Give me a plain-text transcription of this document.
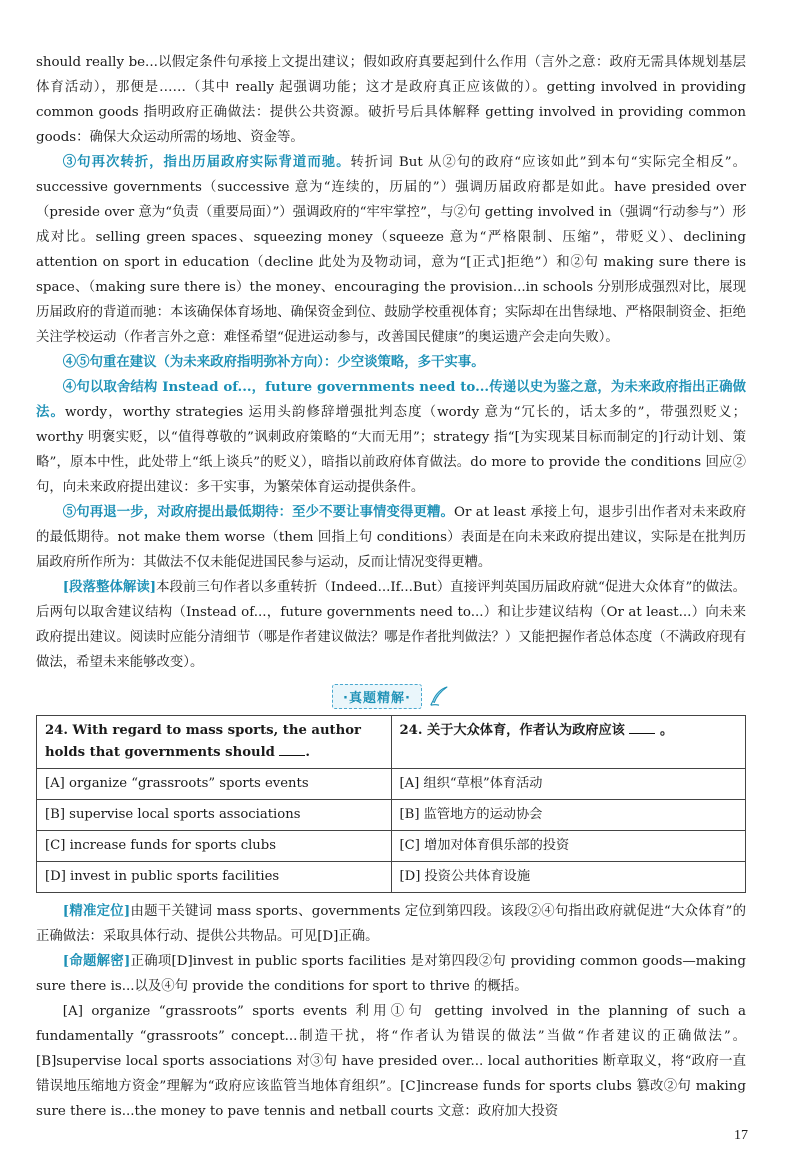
should really be...以假定条件句承接上文提出建议；假如政府真要起到什么作用（言外之意：政府无需具体规划基层体育活动），那便是……（其中 really 起强调功能；这才是政府真正应该做的）。getting involved in providing common goods 指明政府正确做法：提供公共资源。破折号后具体解释 getting involved in providing common goods：确保大众运动所需的场地、资金等。

③句再次转折，指出历届政府实际背道而驰。转折词 But 从②句的政府“应该如此”到本句“实际完全相反”。successive governments（successive 意为“连续的，历届的”）强调历届政府都是如此。have presided over（preside over 意为“负责（重要局面）”）强调政府的“牢牢掌控”，与②句 getting involved in（强调“行动参与”）形成对比。selling green spaces、squeezing money（squeeze 意为“严格限制、压缩”，带贬义）、declining attention on sport in education（decline 此处为及物动词，意为“[正式]拒绝”）和②句 making sure there is space、（making sure there is）the money、encouraging the provision...in schools 分别形成强烈对比，展现历届政府的背道而驰：本该确保体育场地、确保资金到位、鼓励学校重视体育；实际却在出售绿地、严格限制资金、拒绝关注学校运动（作者言外之意：难怪希望“促进运动参与，改善国民健康”的奥运遗产会走向失败）。

④⑤句重在建议（为未来政府指明弥补方向）：少空谈策略，多干实事。

④句以取舍结构 Instead of...，future governments need to...传递以史为鉴之意，为未来政府指出正确做法。wordy，worthy strategies 运用头韵修辞增强批判态度（wordy 意为“冗长的，话太多的”，带强烈贬义；worthy 明褒实贬，以“值得尊敬的”讽刺政府策略的“大而无用”；strategy 指“[为实现某目标而制定的]行动计划、策略”，原本中性，此处带上“纸上谈兵”的贬义），暗指以前政府体育做法。do more to provide the conditions 回应②句，向未来政府提出建议：多干实事，为繁荣体育运动提供条件。

⑤句再退一步，对政府提出最低期待：至少不要让事情变得更糟。Or at least 承接上句，退步引出作者对未来政府的最低期待。not make them worse（them 回指上句 conditions）表面是在向未来政府提出建议，实际是在批判历届政府所作所为：其做法不仅未能促进国民参与运动，反而让情况变得更糟。

[段落整体解读]本段前三句作者以多重转折（Indeed...If...But）直接评判英国历届政府就“促进大众体育”的做法。后两句以取舍建议结构（Instead of...，future governments need to...）和让步建议结构（Or at least...）向未来政府提出建议。阅读时应能分清细节（哪是作者建议做法？哪是作者批判做法？）又能把握作者总体态度（不满政府现有做法，希望未来能够改变）。

·真题精解·
24. With regard to mass sports, the author holds that governments should .	24. 关于大众体育，作者认为政府应该 。
[A] organize “grassroots” sports events	[A] 组织“草根”体育活动
[B] supervise local sports associations	[B] 监管地方的运动协会
[C] increase funds for sports clubs	[C] 增加对体育俱乐部的投资
[D] invest in public sports facilities	[D] 投资公共体育设施

[精准定位]由题干关键词 mass sports、governments 定位到第四段。该段②④句指出政府就促进“大众体育”的正确做法：采取具体行动、提供公共物品。可见[D]正确。

[命题解密]正确项[D]invest in public sports facilities 是对第四段②句 providing common goods—making sure there is...以及④句 provide the conditions for sport to thrive 的概括。

[A] organize “grassroots” sports events 利用①句 getting involved in the planning of such a fundamentally “grassroots” concept...制造干扰，将“作者认为错误的做法”当做“作者建议的正确做法”。[B]supervise local sports associations 对③句 have presided over... local authorities 断章取义，将“政府一直错误地压缩地方资金”理解为“政府应该监管当地体育组织”。[C]increase funds for sports clubs 篡改②句 making sure there is...the money to pave tennis and netball courts 文意：政府加大投资

17
